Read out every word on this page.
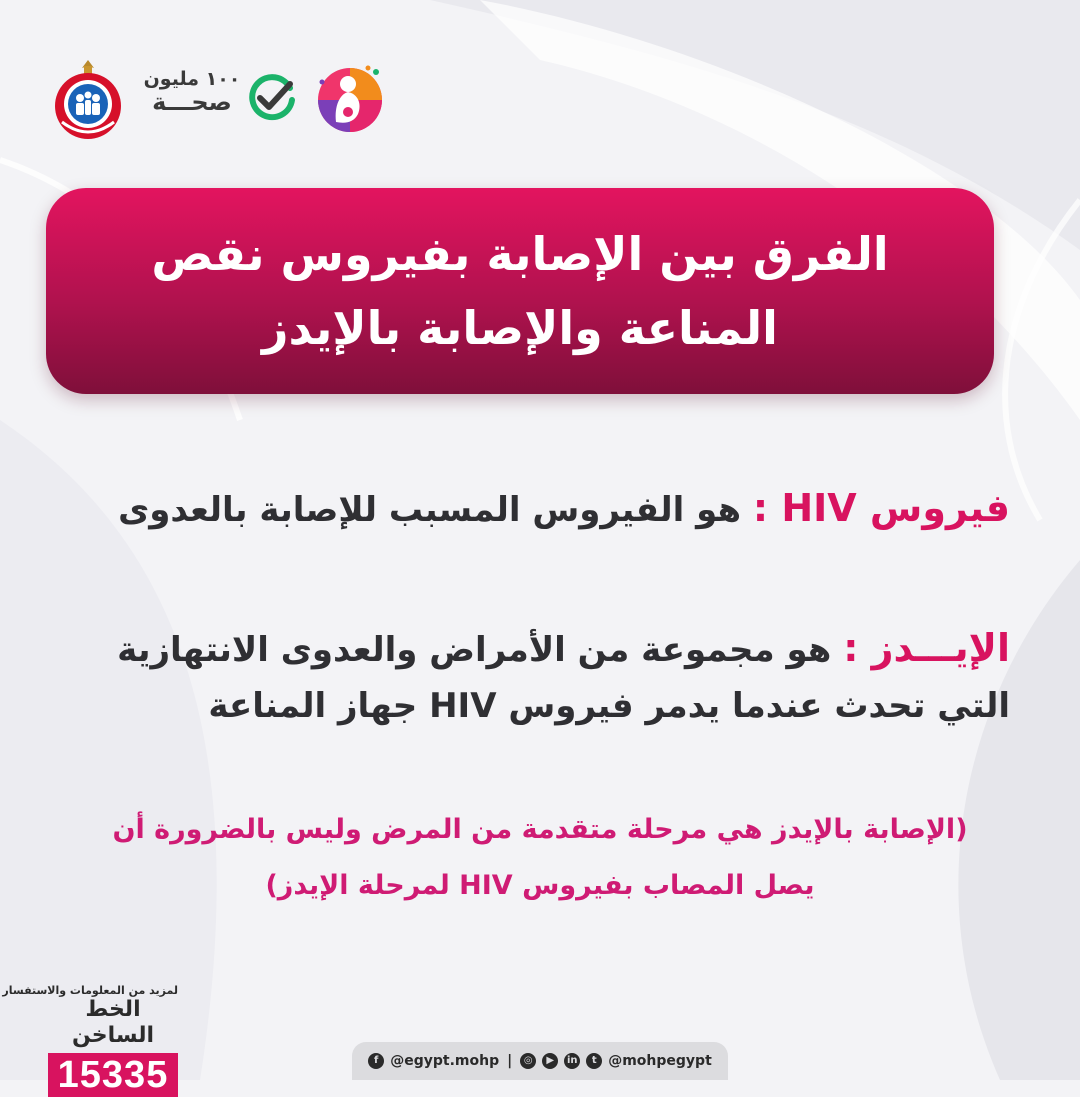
١٠٠ مليون
صحـــة
الفرق بين الإصابة بفيروس نقص
المناعة والإصابة بالإيدز
فيروس HIV : هو الفيروس المسبب للإصابة بالعدوى
الإيـــدز : هو مجموعة من الأمراض والعدوى الانتهازية
التي تحدث عندما يدمر فيروس HIV جهاز المناعة
(الإصابة بالإيدز هي مرحلة متقدمة من المرض وليس بالضرورة أن
يصل المصاب بفيروس HIV لمرحلة الإيدز)
لمزيد من المعلومات والاستفسار
الخط الساخن
15335	f @egypt.mohp |	◎	▶	in	t @mohpegypt
